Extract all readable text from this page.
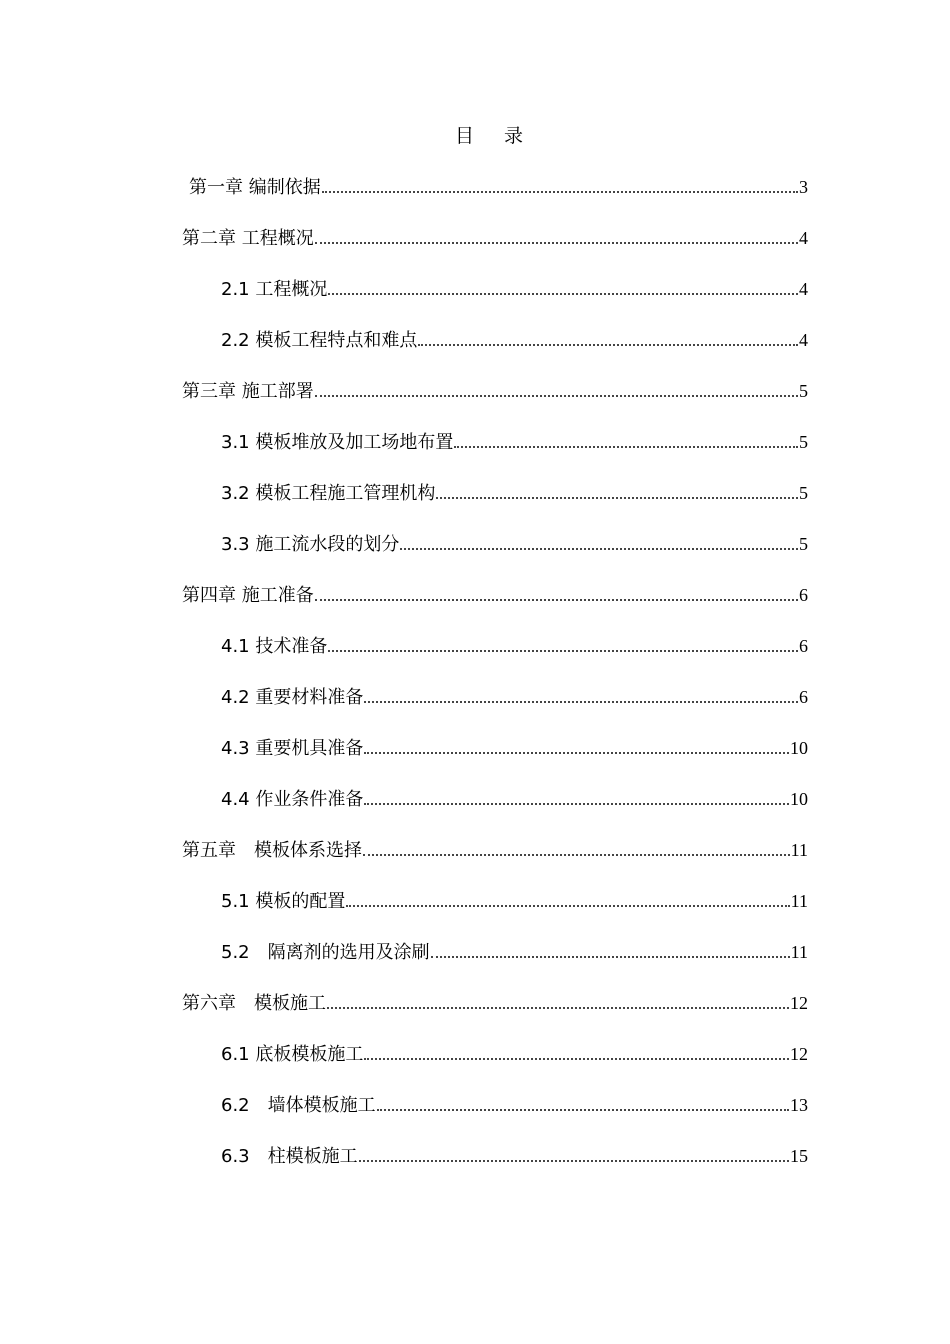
目 录
第一章 编制依据	3
第二章 工程概况	4
2.1 工程概况	4
2.2 模板工程特点和难点	4
第三章 施工部署	5
3.1 模板堆放及加工场地布置	5
3.2 模板工程施工管理机构	5
3.3 施工流水段的划分	5
第四章 施工准备	6
4.1 技术准备	6
4.2 重要材料准备	6
4.3 重要机具准备	10
4.4 作业条件准备	10
第五章　模板体系选择	11
5.1 模板的配置	11
5.2　隔离剂的选用及涂刷	11
第六章　模板施工	12
6.1 底板模板施工	12
6.2　墙体模板施工	13
6.3　柱模板施工	15
